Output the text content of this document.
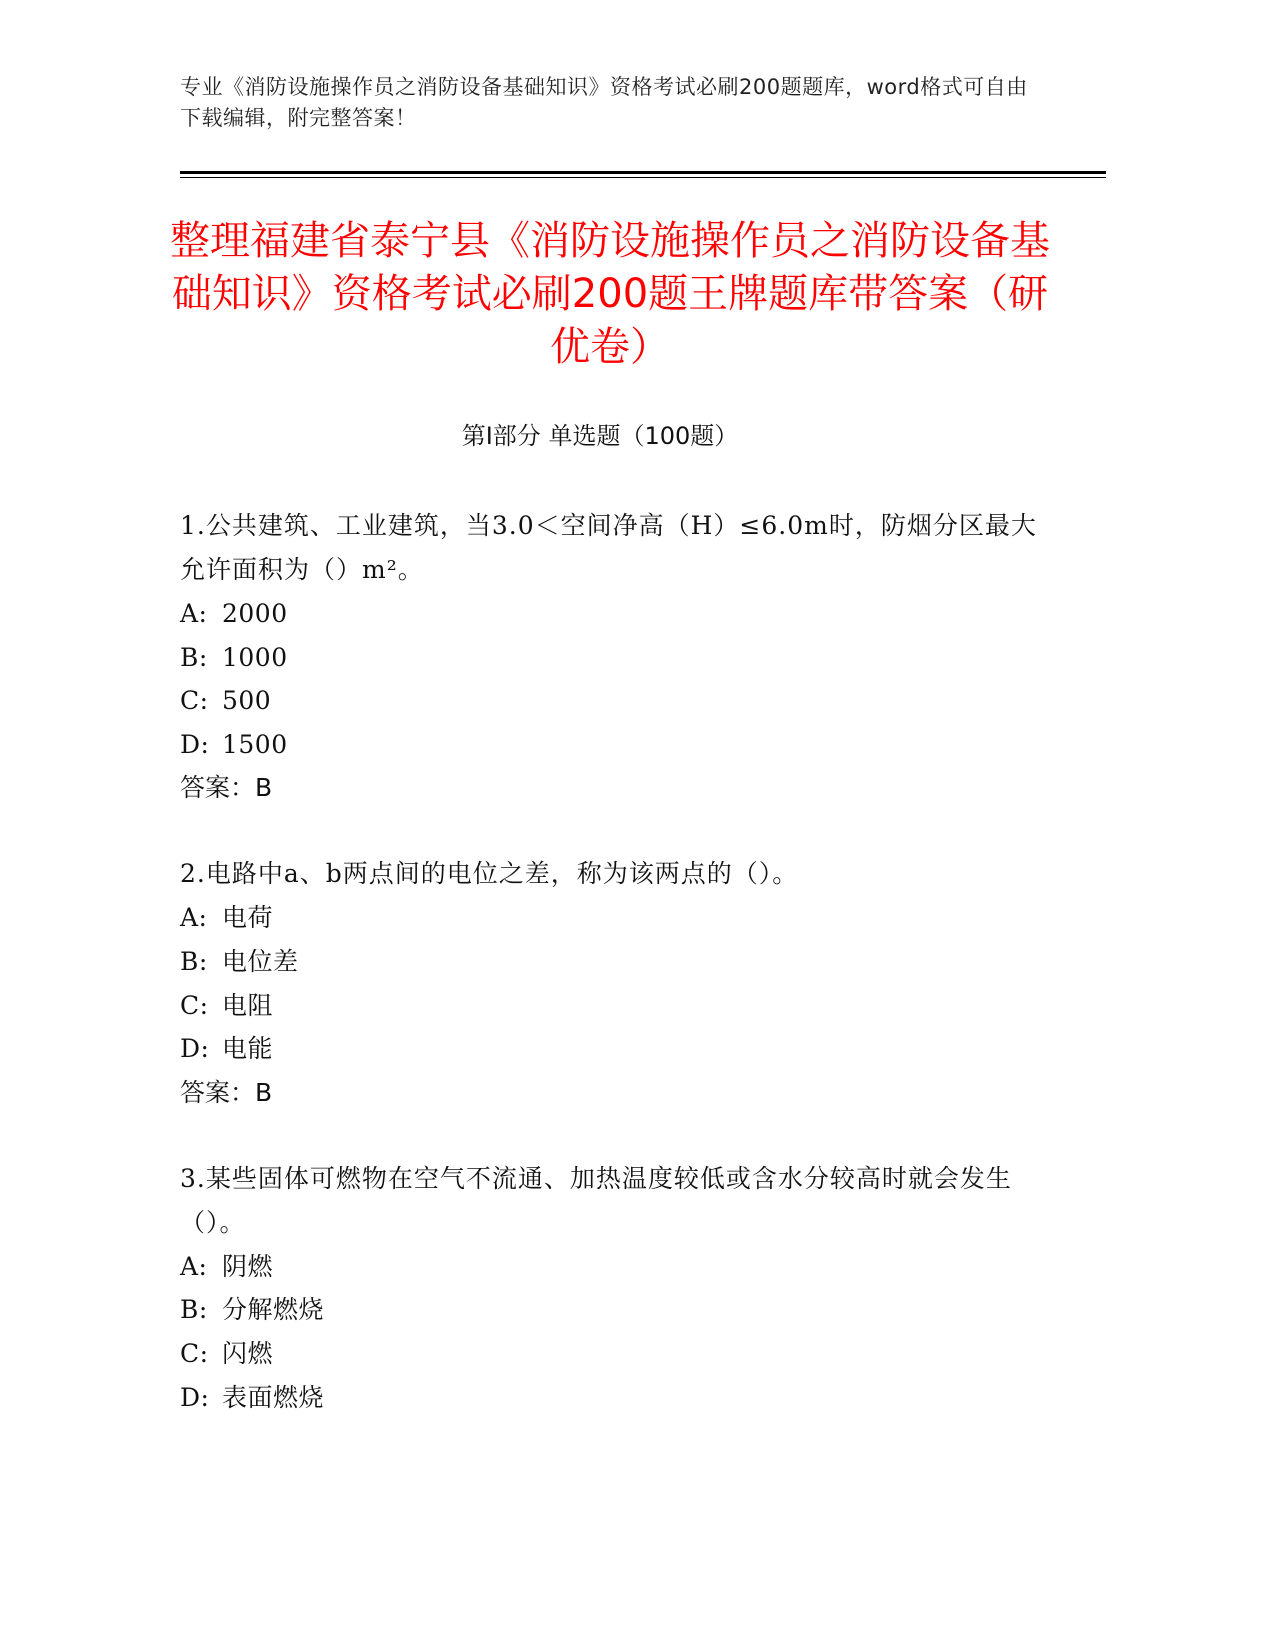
专业《消防设施操作员之消防设备基础知识》资格考试必刷200题题库，word格式可自由下载编辑，附完整答案！
整理福建省泰宁县《消防设施操作员之消防设备基础知识》资格考试必刷200题王牌题库带答案（研优卷）
第Ⅰ部分 单选题（100题）
1.公共建筑、工业建筑，当3.0＜空间净高（H）≤6.0m时，防烟分区最大允许面积为（）m²。
A: 2000
B: 1000
C: 500
D: 1500
答案：B
2.电路中a、b两点间的电位之差，称为该两点的（）。
A: 电荷
B: 电位差
C: 电阻
D: 电能
答案：B
3.某些固体可燃物在空气不流通、加热温度较低或含水分较高时就会发生（）。
A: 阴燃
B: 分解燃烧
C: 闪燃
D: 表面燃烧
